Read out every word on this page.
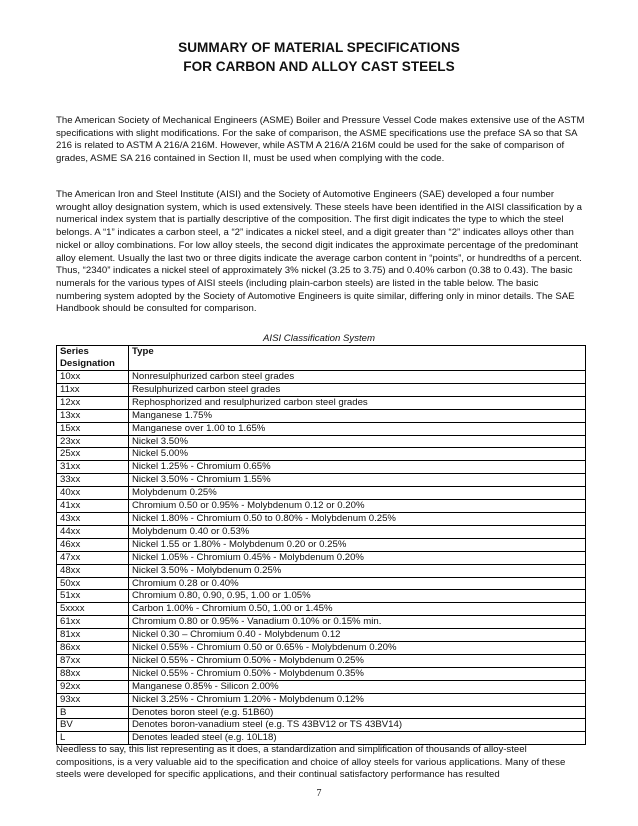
SUMMARY OF MATERIAL SPECIFICATIONS
FOR CARBON AND ALLOY CAST STEELS

The American Society of Mechanical Engineers (ASME) Boiler and Pressure Vessel Code makes extensive use of the ASTM specifications with slight modifications. For the sake of comparison, the ASME specifications use the preface SA so that SA 216 is related to ASTM A 216/A 216M. However, while ASTM A 216/A 216M could be used for the sake of comparison of grades, ASME SA 216 contained in Section II, must be used when complying with the code.

The American Iron and Steel Institute (AISI) and the Society of Automotive Engineers (SAE) developed a four number wrought alloy designation system, which is used extensively. These steels have been identified in the AISI classification by a numerical index system that is partially descriptive of the composition. The first digit indicates the type to which the steel belongs. A “1” indicates a carbon steel, a “2” indicates a nickel steel, and a digit greater than “2” indicates alloys other than nickel or alloy combinations. For low alloy steels, the second digit indicates the approximate percentage of the predominant alloy element. Usually the last two or three digits indicate the average carbon content in “points”, or hundredths of a percent. Thus, “2340” indicates a nickel steel of approximately 3% nickel (3.25 to 3.75) and 0.40% carbon (0.38 to 0.43). The basic numerals for the various types of AISI steels (including plain-carbon steels) are listed in the table below. The basic numbering system adopted by the Society of Automotive Engineers is quite similar, differing only in minor details. The SAE Handbook should be consulted for comparison.

AISI Classification System
Series Designation	Type
10xx	Nonresulphurized carbon steel grades
11xx	Resulphurized carbon steel grades
12xx	Rephosphorized and resulphurized carbon steel grades
13xx	Manganese 1.75%
15xx	Manganese over 1.00 to 1.65%
23xx	Nickel 3.50%
25xx	Nickel 5.00%
31xx	Nickel 1.25% - Chromium 0.65%
33xx	Nickel 3.50% - Chromium 1.55%
40xx	Molybdenum 0.25%
41xx	Chromium 0.50 or 0.95% - Molybdenum 0.12 or 0.20%
43xx	Nickel 1.80% - Chromium 0.50 to 0.80% - Molybdenum 0.25%
44xx	Molybdenum 0.40 or 0.53%
46xx	Nickel 1.55 or 1.80% - Molybdenum 0.20 or 0.25%
47xx	Nickel 1.05% - Chromium 0.45% - Molybdenum 0.20%
48xx	Nickel 3.50% - Molybdenum 0.25%
50xx	Chromium 0.28 or 0.40%
51xx	Chromium 0.80, 0.90, 0.95, 1.00 or 1.05%
5xxxx	Carbon 1.00% - Chromium 0.50, 1.00 or 1.45%
61xx	Chromium 0.80 or 0.95% - Vanadium 0.10% or 0.15% min.
81xx	Nickel 0.30 – Chromium 0.40 - Molybdenum 0.12
86xx	Nickel 0.55% - Chromium 0.50 or 0.65% - Molybdenum 0.20%
87xx	Nickel 0.55% - Chromium 0.50% - Molybdenum 0.25%
88xx	Nickel 0.55% - Chromium 0.50% - Molybdenum 0.35%
92xx	Manganese 0.85% - Silicon 2.00%
93xx	Nickel 3.25% - Chromium 1.20% - Molybdenum 0.12%
B	Denotes boron steel (e.g. 51B60)
BV	Denotes boron-vanadium steel (e.g. TS 43BV12 or TS 43BV14)
L	Denotes leaded steel (e.g. 10L18)

Needless to say, this list representing as it does, a standardization and simplification of thousands of alloy-steel compositions, is a very valuable aid to the specification and choice of alloy steels for various applications. Many of these steels were developed for specific applications, and their continual satisfactory performance has resulted

7
